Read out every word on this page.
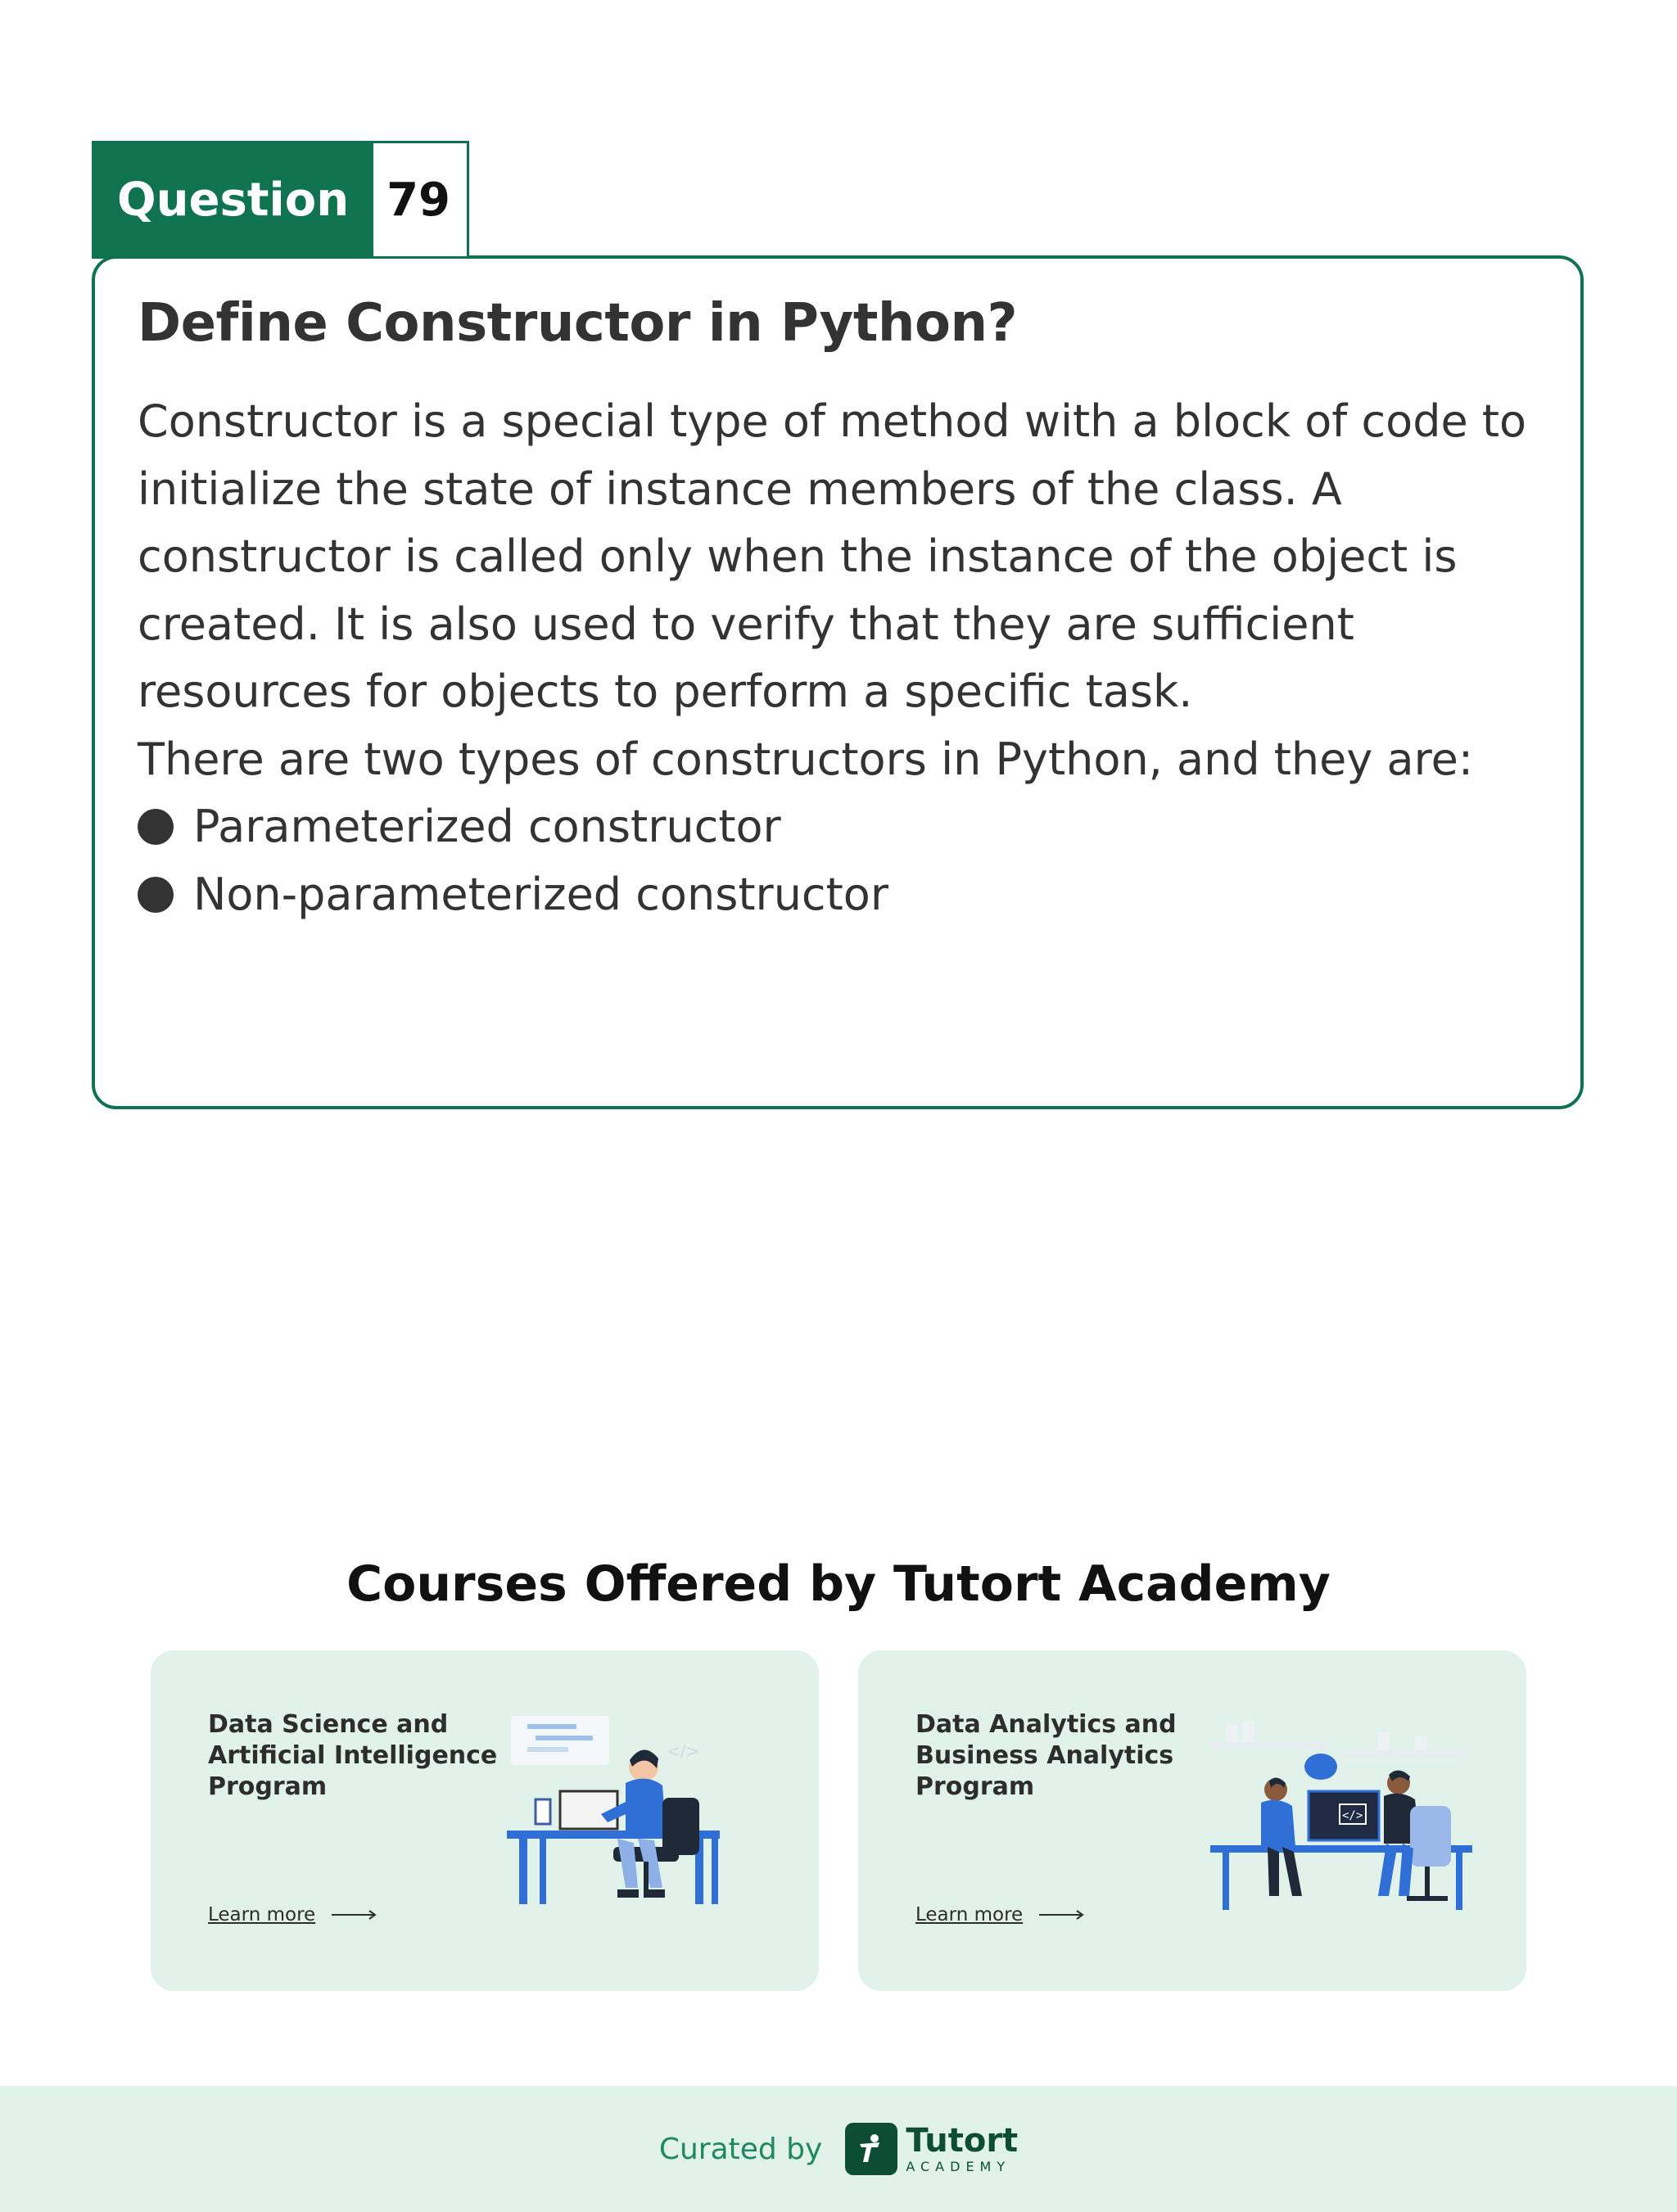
Question 79
Define Constructor in Python?

Constructor is a special type of method with a block of code to initialize the state of instance members of the class. A constructor is called only when the instance of the object is created. It is also used to verify that they are sufficient resources for objects to perform a specific task.

There are two types of constructors in Python, and they are:

Parameterized constructor
Non-parameterized constructor
Courses Offered by Tutort Academy
Data Science and Artificial Intelligence Program
Learn more
</>
Data Analytics and Business Analytics Program
Learn more
</>
Curated by	Tutort
ACADEMY
